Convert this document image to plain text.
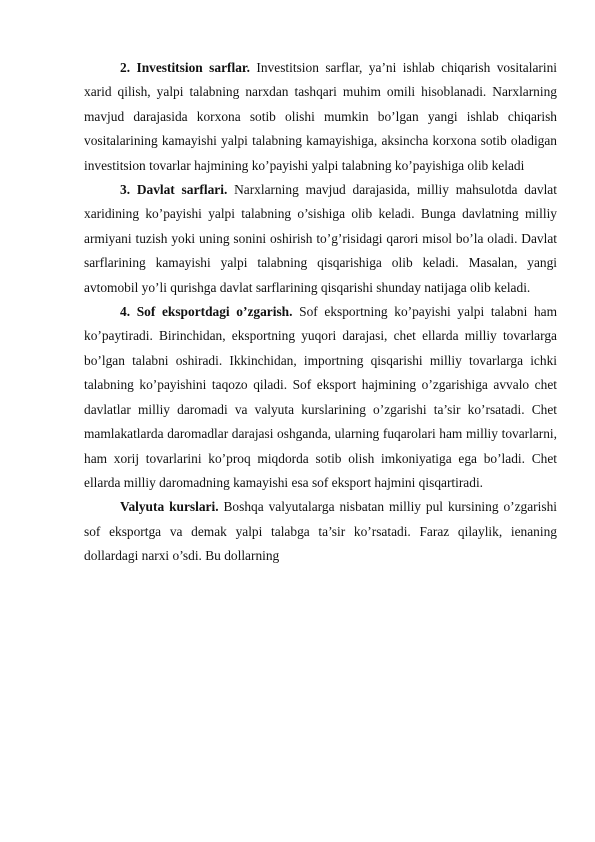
2. Investitsion sarflar. Investitsion sarflar, ya’ni ishlab chiqarish vositalarini xarid qilish, yalpi talabning narxdan tashqari muhim omili hisoblanadi. Narxlarning mavjud darajasida korxona sotib olishi mumkin bo’lgan yangi ishlab chiqarish vositalarining kamayishi yalpi talabning kamayishiga, aksincha korxona sotib oladigan investitsion tovarlar hajmining ko’payishi yalpi talabning ko’payishiga olib keladi

3. Davlat sarflari. Narxlarning mavjud darajasida, milliy mahsulotda davlat xaridining ko’payishi yalpi talabning o’sishiga olib keladi. Bunga davlatning milliy armiyani tuzish yoki uning sonini oshirish to’g’risidagi qarori misol bo’la oladi. Davlat sarflarining kamayishi yalpi talabning qisqarishiga olib keladi. Masalan, yangi avtomobil yo’li qurishga davlat sarflarining qisqarishi shunday natijaga olib keladi.

4. Sof eksportdagi o’zgarish. Sof eksportning ko’payishi yalpi talabni ham ko’paytiradi. Birinchidan, eksportning yuqori darajasi, chet ellarda milliy tovarlarga bo’lgan talabni oshiradi. Ikkinchidan, importning qisqarishi milliy tovarlarga ichki talabning ko’payishini taqozo qiladi. Sof eksport hajmining o’zgarishiga avvalo chet davlatlar milliy daromadi va valyuta kurslarining o’zgarishi ta’sir ko’rsatadi. Chet mamlakatlarda daromadlar darajasi oshganda, ularning fuqarolari ham milliy tovarlarni, ham xorij tovarlarini ko’proq miqdorda sotib olish imkoniyatiga ega bo’ladi. Chet ellarda milliy daromadning kamayishi esa sof eksport hajmini qisqartiradi.

Valyuta kurslari. Boshqa valyutalarga nisbatan milliy pul kursining o’zgarishi sof eksportga va demak yalpi talabga ta’sir ko’rsatadi. Faraz qilaylik, ienaning dollardagi narxi o’sdi. Bu dollarning
